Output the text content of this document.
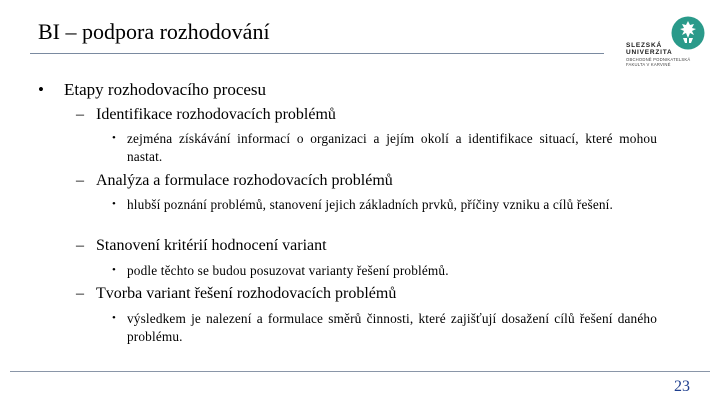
BI – podpora rozhodování
SLEZSKÁ
UNIVERZITA
OBCHODNĚ PODNIKATELSKÁ
FAKULTA V KARVINÉ
• Etapy rozhodovacího procesu
– Identifikace rozhodovacích problémů
• zejména získávání informací o organizaci a jejím okolí a identifikace situací, které mohou nastat.
– Analýza a formulace rozhodovacích problémů
• hlubší poznání problémů, stanovení jejich základních prvků, příčiny vzniku a cílů řešení.
– Stanovení kritérií hodnocení variant
• podle těchto se budou posuzovat varianty řešení problémů.
– Tvorba variant řešení rozhodovacích problémů
• výsledkem je nalezení a formulace směrů činnosti, které zajišťují dosažení cílů řešení daného problému.
23
